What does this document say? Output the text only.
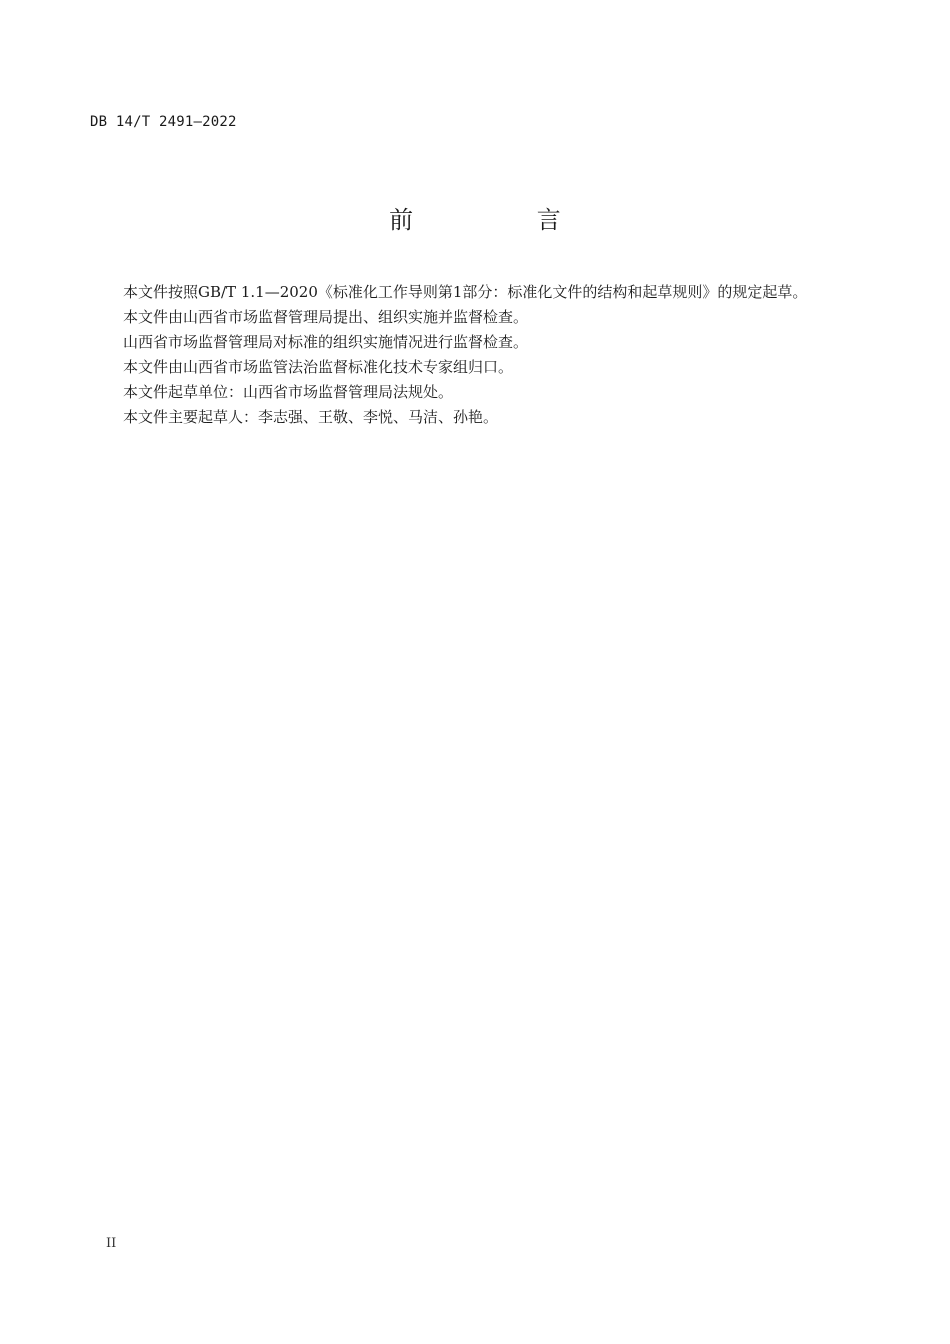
DB 14/T 2491—2022
前 言

本文件按照GB/T 1.1—2020《标准化工作导则第1部分：标准化文件的结构和起草规则》的规定起草。

本文件由山西省市场监督管理局提出、组织实施并监督检查。

山西省市场监督管理局对标准的组织实施情况进行监督检查。

本文件由山西省市场监管法治监督标准化技术专家组归口。

本文件起草单位：山西省市场监督管理局法规处。

本文件主要起草人：李志强、王敬、李悦、马洁、孙艳。

II
